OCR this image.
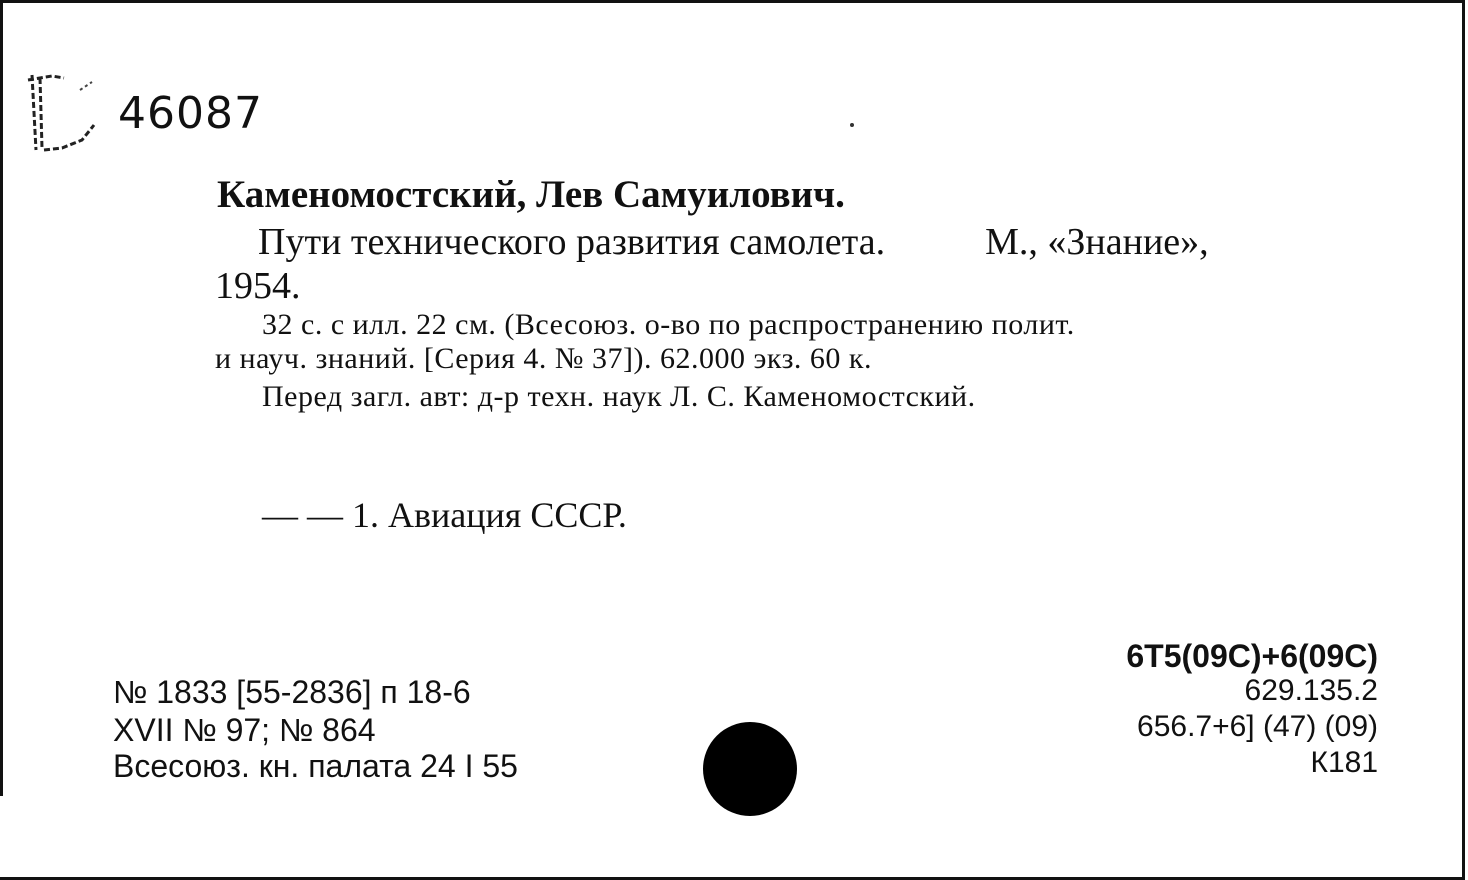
46087
Каменомостский, Лев Самуилович.
Пути технического развития самолета.	М., «Знание»,
1954.
32 с. с илл. 22 см. (Всесоюз. о-во по распространению полит.
и науч. знаний. [Серия 4. № 37]). 62.000 экз. 60 к.
Перед загл. авт: д-р техн. наук Л. С. Каменомостский.
— — 1. Авиация СССР.
№ 1833 [55-2836] п 18-6
XVII № 97; № 864
Всесоюз. кн. палата 24 I 55
6Т5(09С)+6(09С)
629.135.2
656.7+6] (47) (09)
К181
